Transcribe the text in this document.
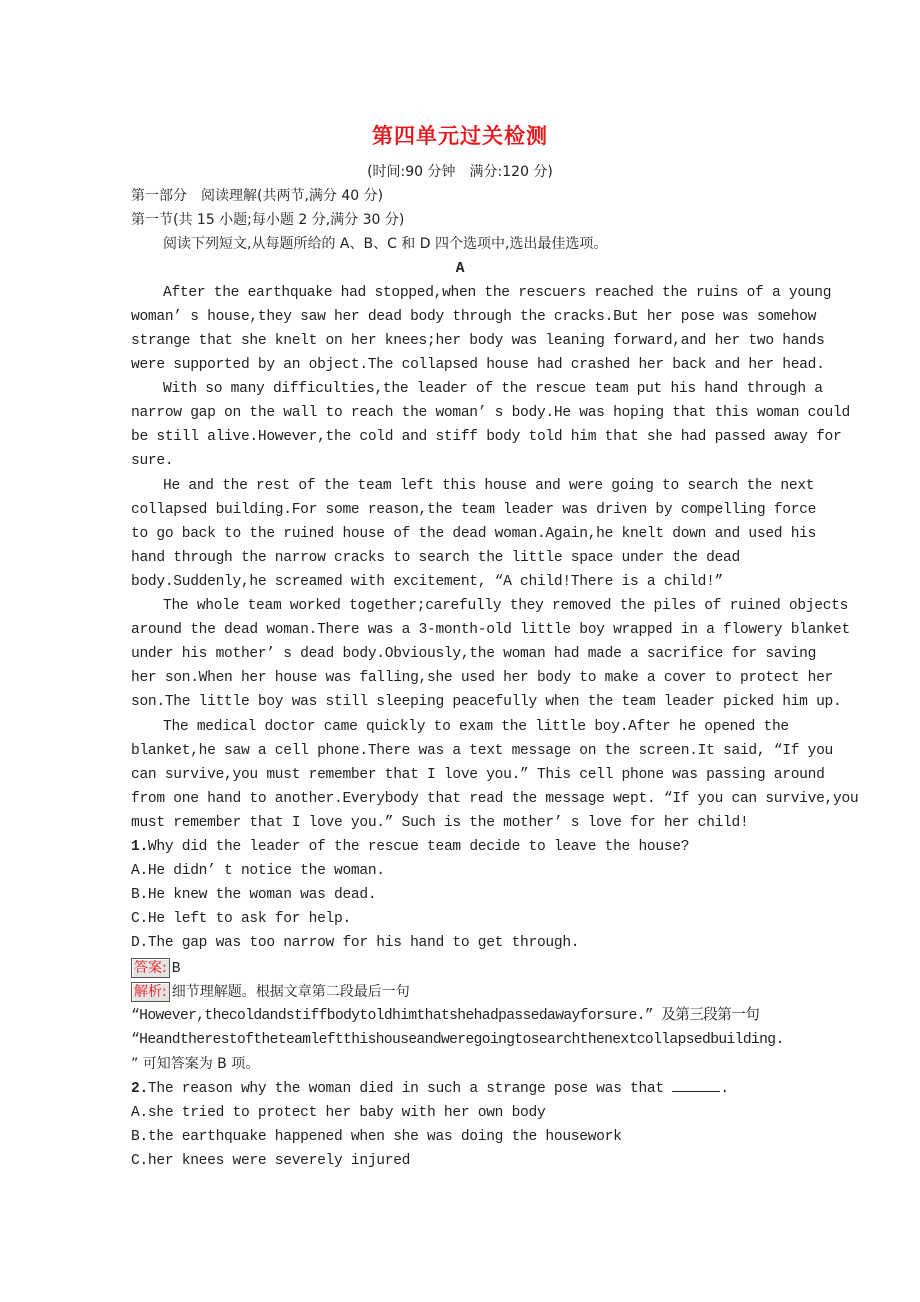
第四单元过关检测
(时间:90 分钟　满分:120 分)
第一部分　阅读理解(共两节,满分 40 分)
第一节(共 15 小题;每小题 2 分,满分 30 分)
阅读下列短文,从每题所给的 A、B、C 和 D 四个选项中,选出最佳选项。
A
After the earthquake had stopped,when the rescuers reached the ruins of a young
woman’ s house,they saw her dead body through the cracks.But her pose was somehow
strange that she knelt on her knees;her body was leaning forward,and her two hands
were supported by an object.The collapsed house had crashed her back and her head.
With so many difficulties,the leader of the rescue team put his hand through a
narrow gap on the wall to reach the woman’ s body.He was hoping that this woman could
be still alive.However,the cold and stiff body told him that she had passed away for
sure.
He and the rest of the team left this house and were going to search the next
collapsed building.For some reason,the team leader was driven by compelling force
to go back to the ruined house of the dead woman.Again,he knelt down and used his
hand through the narrow cracks to search the little space under the dead
body.Suddenly,he screamed with excitement, “A child!There is a child!”
The whole team worked together;carefully they removed the piles of ruined objects
around the dead woman.There was a 3-month-old little boy wrapped in a flowery blanket
under his mother’ s dead body.Obviously,the woman had made a sacrifice for saving
her son.When her house was falling,she used her body to make a cover to protect her
son.The little boy was still sleeping peacefully when the team leader picked him up.
The medical doctor came quickly to exam the little boy.After he opened the
blanket,he saw a cell phone.There was a text message on the screen.It said, “If you
can survive,you must remember that I love you.” This cell phone was passing around
from one hand to another.Everybody that read the message wept. “If you can survive,you
must remember that I love you.” Such is the mother’ s love for her child!
1.Why did the leader of the rescue team decide to leave the house?
A.He didn’ t notice the woman.
B.He knew the woman was dead.
C.He left to ask for help.
D.The gap was too narrow for his hand to get through.
答案: B
解析: 细节理解题。根据文章第二段最后一句
“However,thecoldandstiffbodytoldhimthatshehadpassedawayforsure.” 及第三段第一句
“Heandtherestoftheteamleftthishouseandweregoingtosearchthenextcollapsedbuilding.
” 可知答案为 B 项。
2.The reason why the woman died in such a strange pose was that	.
A.she tried to protect her baby with her own body
B.the earthquake happened when she was doing the housework
C.her knees were severely injured
